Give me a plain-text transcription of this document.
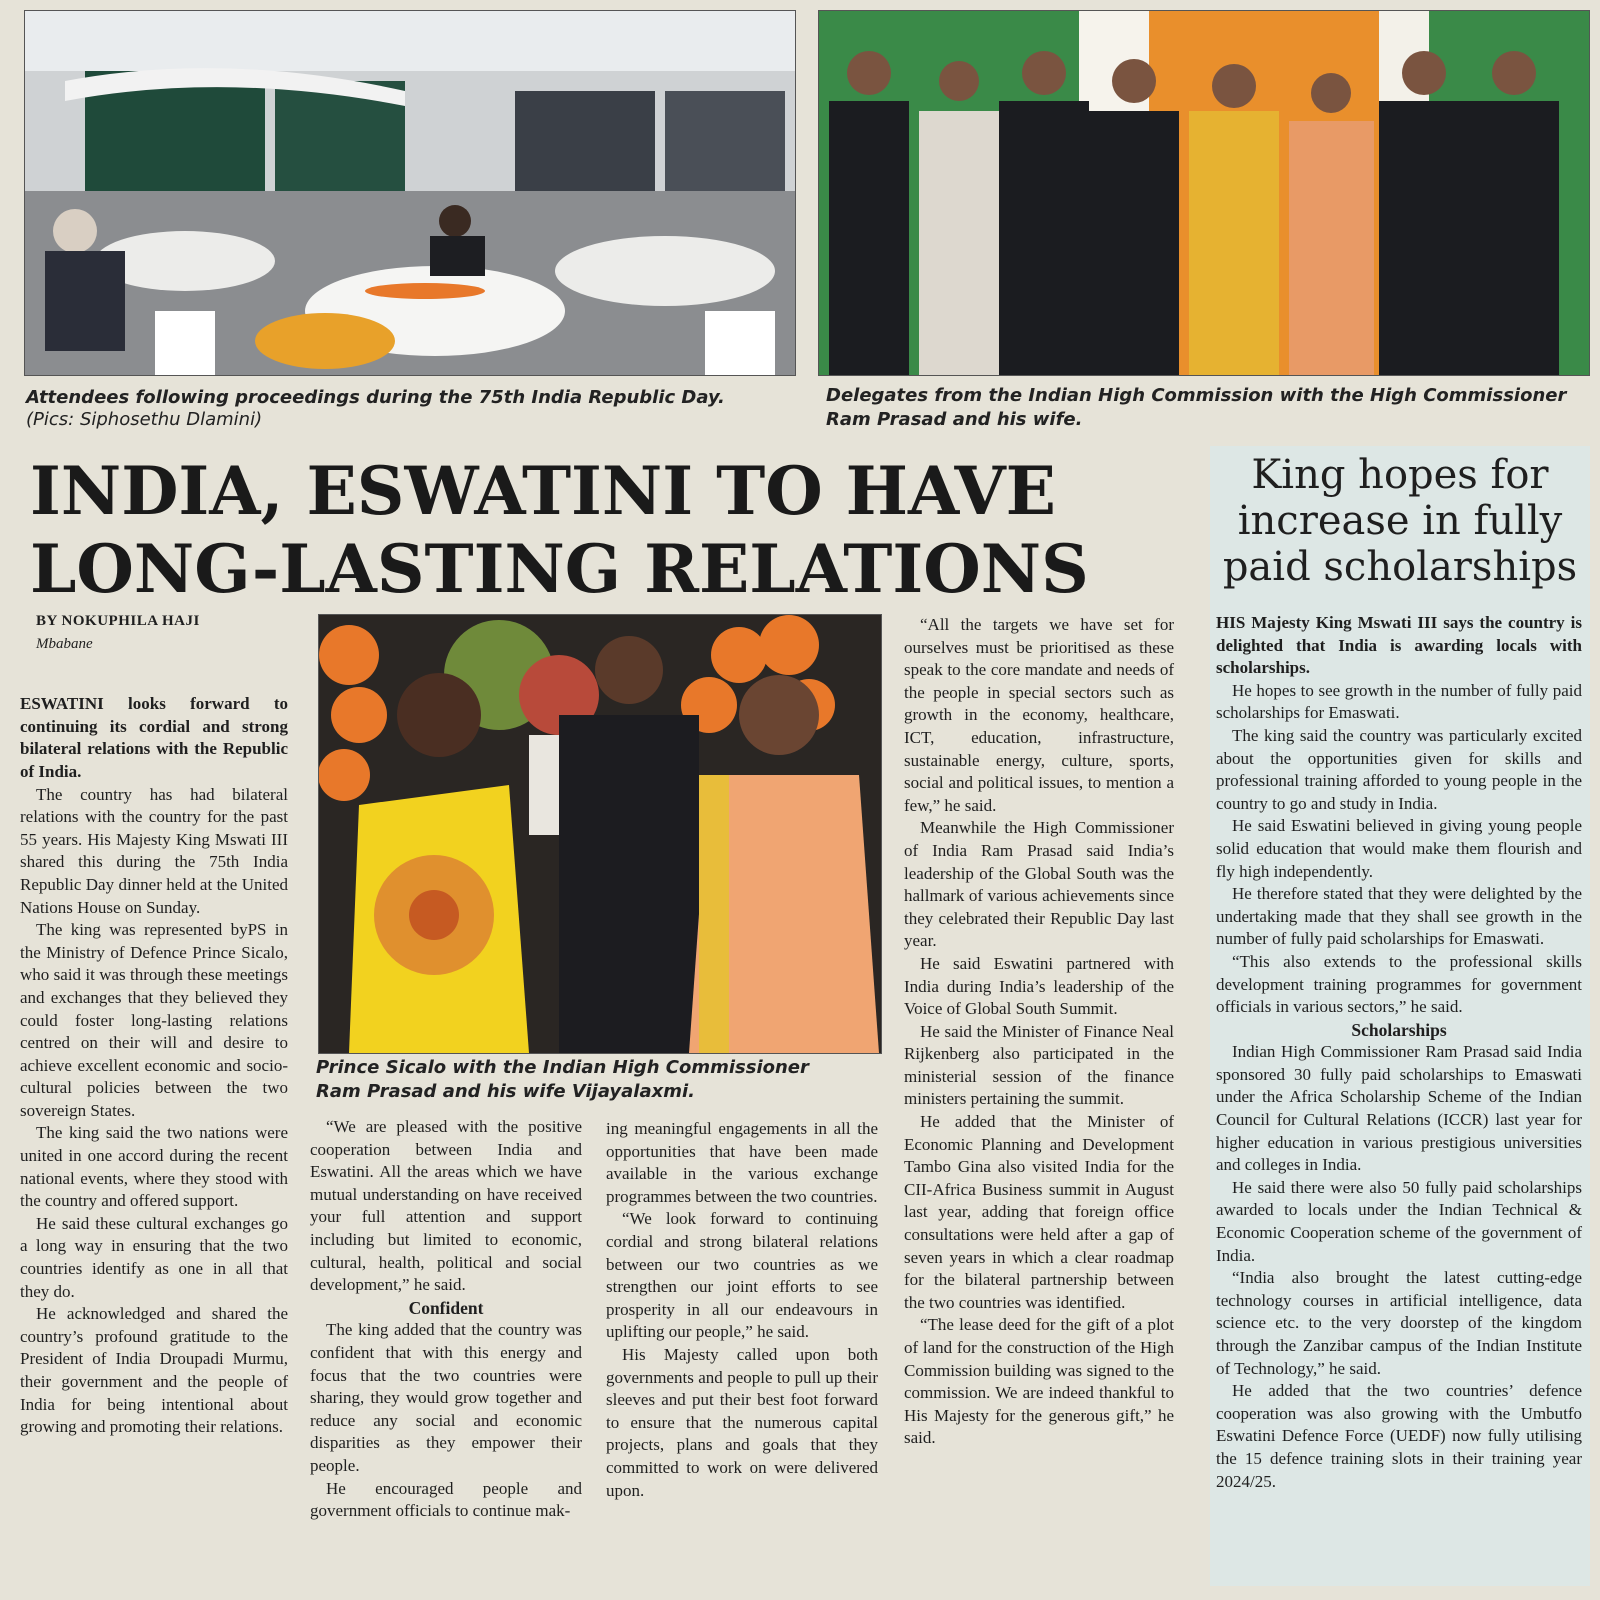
Attendees following proceedings during the 75th India Republic Day.
(Pics: Siphosethu Dlamini)
Delegates from the Indian High Commission with the High Commissioner
Ram Prasad and his wife.
INDIA, ESWATINI TO HAVE
LONG-LASTING RELATIONS
King hopes for increase in fully paid scholarships

BY NOKUPHILA HAJI

Mbabane

ESWATINI looks forward to continuing its cordial and strong bilateral relations with the Republic of India.

The country has had bilateral relations with the country for the past 55 years. His Majesty King Mswati III shared this during the 75th India Republic Day dinner held at the United Nations House on Sunday.

The king was represented byPS in the Ministry of Defence Prince Sicalo, who said it was through these meetings and exchanges that they believed they could foster long-lasting relations centred on their will and desire to achieve excellent economic and socio-cultural policies between the two sovereign States.

The king said the two nations were united in one accord during the recent national events, where they stood with the country and offered support.

He said these cultural exchanges go a long way in ensuring that the two countries identify as one in all that they do.

He acknowledged and shared the country’s profound gratitude to the President of India Droupadi Murmu, their government and the people of India for being intentional about growing and promoting their relations.

Prince Sicalo with the Indian High Commissioner
Ram Prasad and his wife Vijayalaxmi.

“We are pleased with the positive cooperation between India and Eswatini. All the areas which we have mutual understanding on have received your full attention and support including but limited to economic, cultural, health, political and social development,” he said.

Confident

The king added that the country was confident that with this energy and focus that the two countries were sharing, they would grow together and reduce any social and economic disparities as they empower their people.

He encouraged people and government officials to continue mak-

ing meaningful engagements in all the opportunities that have been made available in the various exchange programmes between the two countries.

“We look forward to continuing cordial and strong bilateral relations between our two countries as we strengthen our joint efforts to see prosperity in all our endeavours in uplifting our people,” he said.

His Majesty called upon both governments and people to pull up their sleeves and put their best foot forward to ensure that the numerous capital projects, plans and goals that they committed to work on were delivered upon.

“All the targets we have set for ourselves must be prioritised as these speak to the core mandate and needs of the people in special sectors such as growth in the economy, healthcare, ICT, education, infrastructure, sustainable energy, culture, sports, social and political issues, to mention a few,” he said.

Meanwhile the High Commissioner of India Ram Prasad said India’s leadership of the Global South was the hallmark of various achievements since they celebrated their Republic Day last year.

He said Eswatini partnered with India during India’s leadership of the Voice of Global South Summit.

He said the Minister of Finance Neal Rijkenberg also participated in the ministerial session of the finance ministers pertaining the summit.

He added that the Minister of Economic Planning and Development Tambo Gina also visited India for the CII-Africa Business summit in August last year, adding that foreign office consultations were held after a gap of seven years in which a clear roadmap for the bilateral partnership between the two countries was identified.

“The lease deed for the gift of a plot of land for the construction of the High Commission building was signed to the commission. We are indeed thankful to His Majesty for the generous gift,” he said.

HIS Majesty King Mswati III says the country is delighted that India is awarding locals with scholarships.

He hopes to see growth in the number of fully paid scholarships for Emaswati.

The king said the country was particularly excited about the opportunities given for skills and professional training afforded to young people in the country to go and study in India.

He said Eswatini believed in giving young people solid education that would make them flourish and fly high independently.

He therefore stated that they were delighted by the undertaking made that they shall see growth in the number of fully paid scholarships for Emaswati.

“This also extends to the professional skills development training programmes for government officials in various sectors,” he said.

Scholarships

Indian High Commissioner Ram Prasad said India sponsored 30 fully paid scholarships to Emaswati under the Africa Scholarship Scheme of the Indian Council for Cultural Relations (ICCR) last year for higher education in various prestigious universities and colleges in India.

He said there were also 50 fully paid scholarships awarded to locals under the Indian Technical & Economic Cooperation scheme of the government of India.

“India also brought the latest cutting-edge technology courses in artificial intelligence, data science etc. to the very doorstep of the kingdom through the Zanzibar campus of the Indian Institute of Technology,” he said.

He added that the two countries’ defence cooperation was also growing with the Umbutfo Eswatini Defence Force (UEDF) now fully utilising the 15 defence training slots in their training year 2024/25.
